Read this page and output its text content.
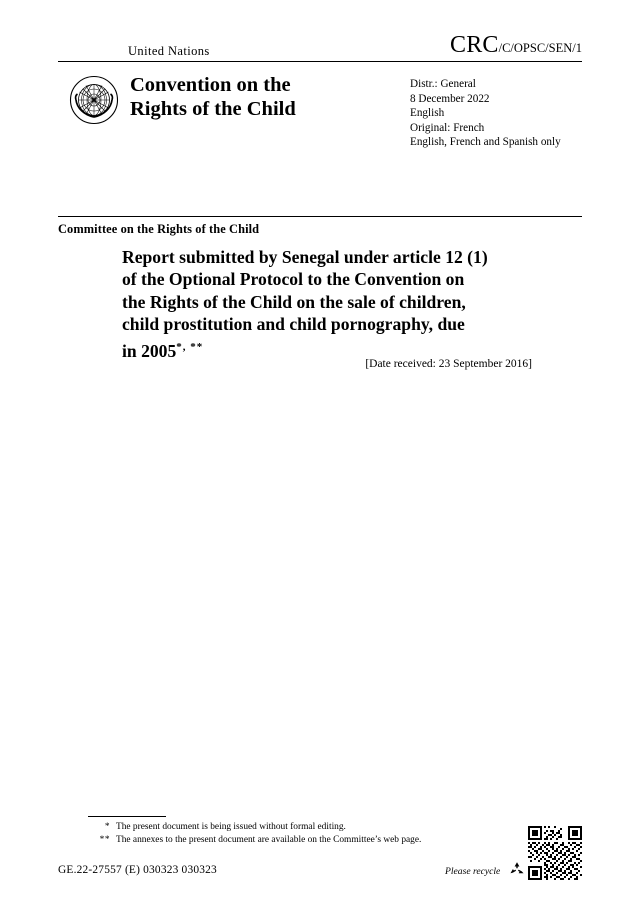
United Nations	CRC/C/OPSC/SEN/1
Convention on the
Rights of the Child
Distr.: General
8 December 2022
English
Original: French
English, French and Spanish only
Committee on the Rights of the Child
Report submitted by Senegal under article 12 (1)
of the Optional Protocol to the Convention on
the Rights of the Child on the sale of children,
child prostitution and child pornography, due
in 2005*, **
[Date received: 23 September 2016]
* The present document is being issued without formal editing.
** The annexes to the present document are available on the Committee’s web page.
GE.22-27557 (E) 030323 030323	Please recycle
